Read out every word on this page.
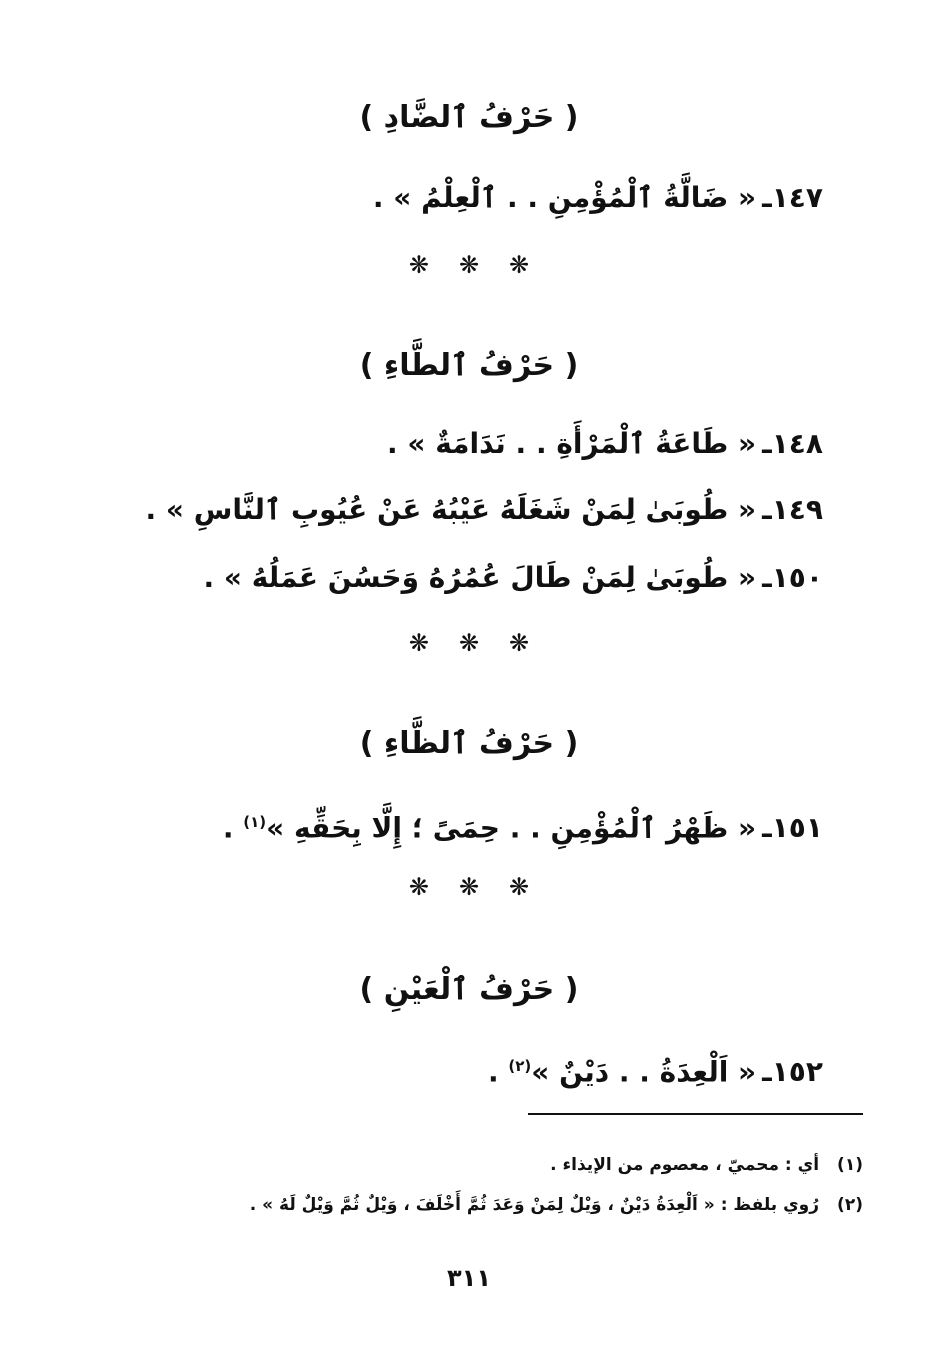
( حَرْفُ ٱلضَّادِ )
١٤٧ـ« ضَالَّةُ ٱلْمُؤْمِنِ . . ٱلْعِلْمُ » .
❋ ❋ ❋
( حَرْفُ ٱلطَّاءِ )
١٤٨ـ« طَاعَةُ ٱلْمَرْأَةِ . . نَدَامَةٌ » .
١٤٩ـ« طُوبَىٰ لِمَنْ شَغَلَهُ عَيْبُهُ عَنْ عُيُوبِ ٱلنَّاسِ » .
١٥٠ـ« طُوبَىٰ لِمَنْ طَالَ عُمُرُهُ وَحَسُنَ عَمَلُهُ » .
❋ ❋ ❋
( حَرْفُ ٱلظَّاءِ )
١٥١ـ« ظَهْرُ ٱلْمُؤْمِنِ . . حِمَىً ؛ إِلَّا بِحَقِّهِ »$^{(١)}$ .
❋ ❋ ❋
( حَرْفُ ٱلْعَيْنِ )
١٥٢ـ« اَلْعِدَةُ . . دَيْنٌ »$^{(٢)}$ .
(١)أي : محميّ ، معصوم من الإيذاء .
(٢)رُوي بلفظ : « اَلْعِدَةُ دَيْنٌ ، وَيْلٌ لِمَنْ وَعَدَ ثُمَّ أَخْلَفَ ، وَيْلٌ ثُمَّ وَيْلٌ لَهُ » .
٣١١
